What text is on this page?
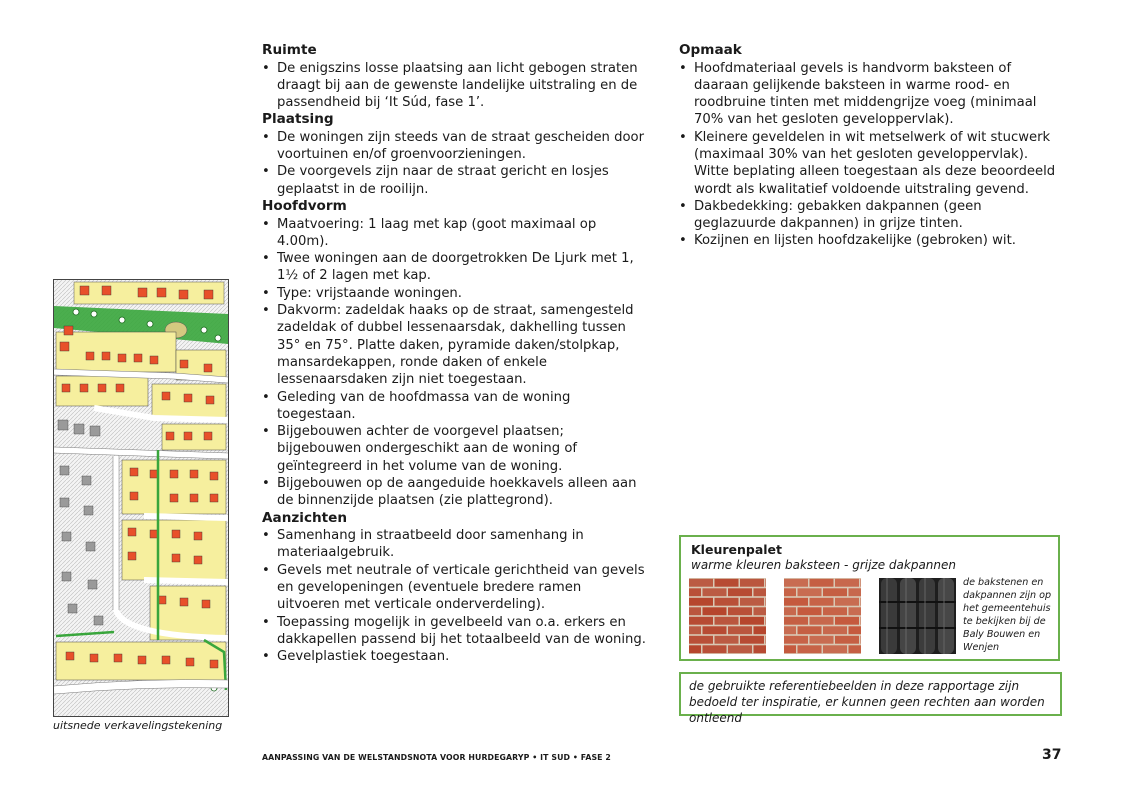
Ruimte
• De enigszins losse plaatsing aan licht gebogen straten draagt bij aan de gewenste landelijke uitstraling en de passendheid bij ‘It Súd, fase 1’.
Plaatsing
• De woningen zijn steeds van de straat gescheiden door voortuinen en/of groenvoorzieningen.
• De voorgevels zijn naar de straat gericht en losjes geplaatst in de rooilijn.
Hoofdvorm
• Maatvoering: 1 laag met kap (goot maximaal op 4.00m).
• Twee woningen aan de doorgetrokken De Ljurk met 1, 1½ of 2 lagen met kap.
• Type: vrijstaande woningen.
• Dakvorm: zadeldak haaks op de straat, samengesteld zadeldak of dubbel lessenaarsdak, dakhelling tussen 35° en 75°. Platte daken, pyramide daken/stolpkap, mansardekappen, ronde daken of enkele lessenaarsdaken zijn niet toegestaan.
• Geleding van de hoofdmassa van de woning toegestaan.
• Bijgebouwen achter de voorgevel plaatsen; bijgebouwen ondergeschikt aan de woning of geïntegreerd in het volume van de woning.
• Bijgebouwen op de aangeduide hoekkavels alleen aan de binnenzijde plaatsen (zie plattegrond).
Aanzichten
• Samenhang in straatbeeld door samenhang in materiaalgebruik.
• Gevels met neutrale of verticale gerichtheid van gevels en gevelopeningen (eventuele bredere ramen uitvoeren met verticale onderverdeling).
• Toepassing mogelijk in gevelbeeld van o.a. erkers en dakkapellen passend bij het totaalbeeld van de woning.
• Gevelplastiek toegestaan.
Opmaak
• Hoofdmateriaal gevels is handvorm baksteen of daaraan gelijkende baksteen in warme rood- en roodbruine tinten met middengrijze voeg (minimaal 70% van het gesloten geveloppervlak).
• Kleinere geveldelen in wit metselwerk of wit stucwerk (maximaal 30% van het gesloten geveloppervlak). Witte beplating alleen toegestaan als deze beoordeeld wordt als kwalitatief voldoende uitstraling gevend.
• Dakbedekking: gebakken dakpannen (geen geglazuurde dakpannen) in grijze tinten.
• Kozijnen en lijsten hoofdzakelijke (gebroken) wit.
uitsnede verkavelingstekening
Kleurenpalet
warme kleuren baksteen - grijze dakpannen
de bakstenen en dakpannen zijn op het gemeentehuis te bekijken bij de Baly Bouwen en Wenjen
de gebruikte referentiebeelden in deze rapportage zijn bedoeld ter inspiratie, er kunnen geen rechten aan worden ontleend
AANPASSING VAN DE WELSTANDSNOTA VOOR HURDEGARYP • IT SUD • FASE 2	37
